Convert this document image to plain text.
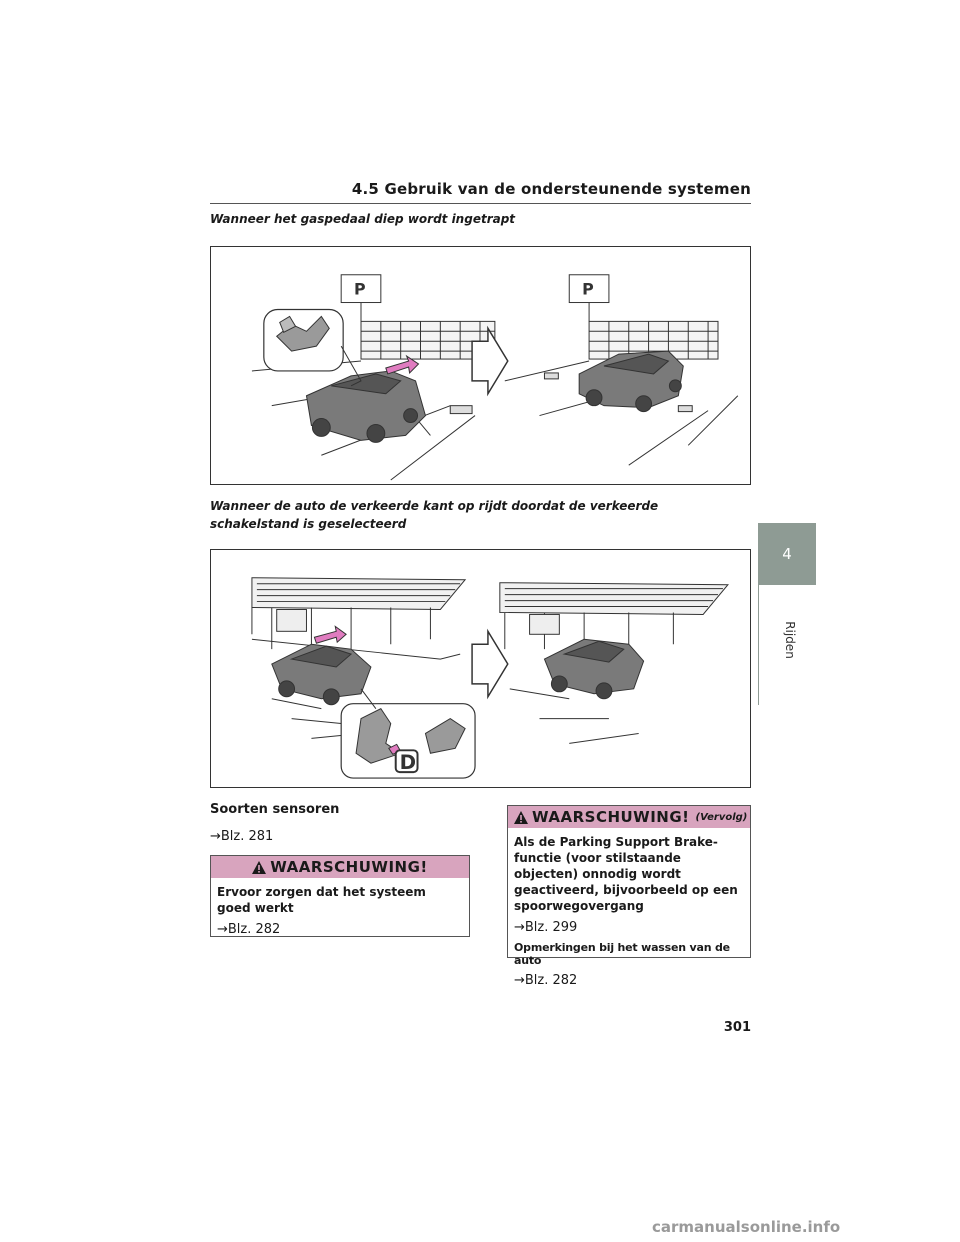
4.5 Gebruik van de ondersteunende systemen
Wanneer het gaspedaal diep wordt ingetrapt
P	P
Wanneer de auto de verkeerde kant op rijdt doordat de verkeerde schakelstand is geselecteerd
D
Soorten sensoren
→Blz. 281
WAARSCHUWING!
Ervoor zorgen dat het systeem goed werkt
→Blz. 282
WAARSCHUWING! (Vervolg)
Als de Parking Support Brake-functie (voor stilstaande objecten) onnodig wordt geactiveerd, bijvoorbeeld op een spoorwegovergang
→Blz. 299
Opmerkingen bij het wassen van de auto
→Blz. 282
4
Rijden
301
carmanualsonline.info
